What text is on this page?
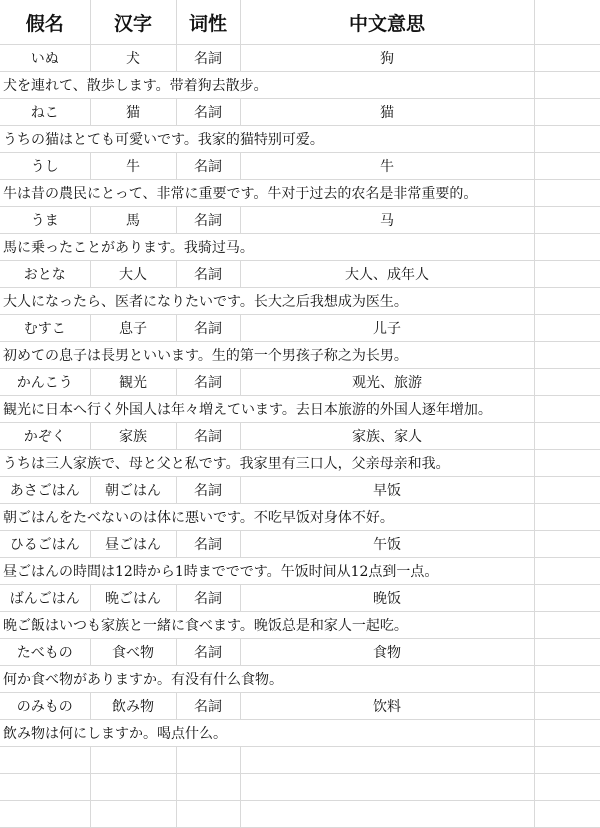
假名	汉字	词性	中文意思	
いぬ	犬	名詞	狗	
犬を連れて、散歩します。带着狗去散步。				
ねこ	猫	名詞	猫	
うちの猫はとても可愛いです。我家的猫特别可爱。				
うし	牛	名詞	牛	
牛は昔の農民にとって、非常に重要です。牛对于过去的农名是非常重要的。				
うま	馬	名詞	马	
馬に乗ったことがあります。我骑过马。				
おとな	大人	名詞	大人、成年人	
大人になったら、医者になりたいです。长大之后我想成为医生。				
むすこ	息子	名詞	儿子	
初めての息子は長男といいます。生的第一个男孩子称之为长男。				
かんこう	観光	名詞	观光、旅游	
観光に日本へ行く外国人は年々増えています。去日本旅游的外国人逐年增加。				
かぞく	家族	名詞	家族、家人	
うちは三人家族で、母と父と私です。我家里有三口人，父亲母亲和我。				
あさごはん	朝ごはん	名詞	早饭	
朝ごはんをたべないのは体に悪いです。不吃早饭对身体不好。				
ひるごはん	昼ごはん	名詞	午饭	
昼ごはんの時間は12時から1時まででです。午饭时间从12点到一点。				
ばんごはん	晩ごはん	名詞	晚饭	
晩ご飯はいつも家族と一緒に食べます。晚饭总是和家人一起吃。				
たべもの	食べ物	名詞	食物	
何か食べ物がありますか。有没有什么食物。				
のみもの	飲み物	名詞	饮料	
飲み物は何にしますか。喝点什么。				
